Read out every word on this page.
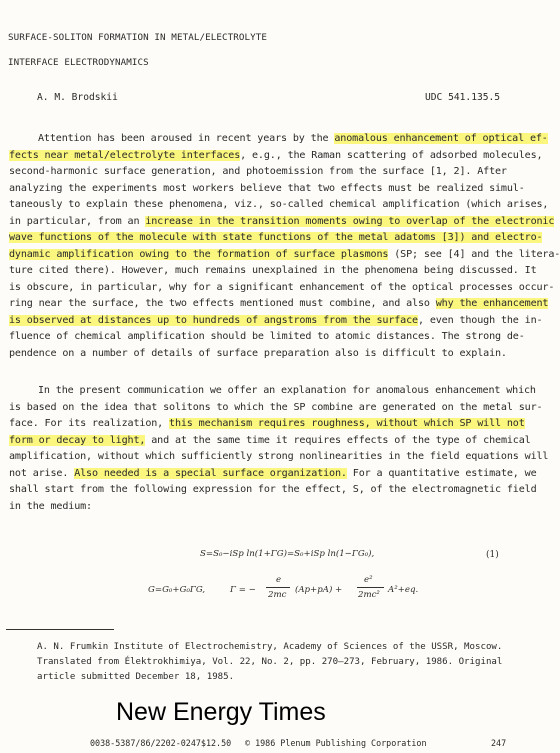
SURFACE-SOLITON FORMATION IN METAL/ELECTROLYTE
INTERFACE ELECTRODYNAMICS
A. M. Brodskii	UDC 541.135.5
Attention has been aroused in recent years by the anomalous enhancement of optical ef-
fects near metal/electrolyte interfaces, e.g., the Raman scattering of adsorbed molecules,
second-harmonic surface generation, and photoemission from the surface [1, 2]. After
analyzing the experiments most workers believe that two effects must be realized simul-
taneously to explain these phenomena, viz., so-called chemical amplification (which arises,
in particular, from an increase in the transition moments owing to overlap of the electronic
wave functions of the molecule with state functions of the metal adatoms [3]) and electro-
dynamic amplification owing to the formation of surface plasmons (SP; see [4] and the litera-
ture cited there). However, much remains unexplained in the phenomena being discussed. It
is obscure, in particular, why for a significant enhancement of the optical processes occur-
ring near the surface, the two effects mentioned must combine, and also why the enhancement
is observed at distances up to hundreds of angstroms from the surface, even though the in-
fluence of chemical amplification should be limited to atomic distances. The strong de-
pendence on a number of details of surface preparation also is difficult to explain.
In the present communication we offer an explanation for anomalous enhancement which
is based on the idea that solitons to which the SP combine are generated on the metal sur-
face. For its realization, this mechanism requires roughness, without which SP will not
form or decay to light, and at the same time it requires effects of the type of chemical
amplification, without which sufficiently strong nonlinearities in the field equations will
not arise. Also needed is a special surface organization. For a quantitative estimate, we
shall start from the following expression for the effect, S, of the electromagnetic field
in the medium:
S=S₀−iSp ln(1+ΓG)=S₀+iSp ln(1−ΓG₀),
G=G₀+G₀ΓG,	Γ = −
e
2mc (Ap+pA) +
e²
2mc² A²+eq.
(1)
A. N. Frumkin Institute of Electrochemistry, Academy of Sciences of the USSR, Moscow.
Translated from Élektrokhimiya, Vol. 22, No. 2, pp. 270–273, February, 1986. Original
article submitted December 18, 1985.
New Energy Times
0038-5387/86/2202-0247$12.50 © 1986 Plenum Publishing Corporation	247
